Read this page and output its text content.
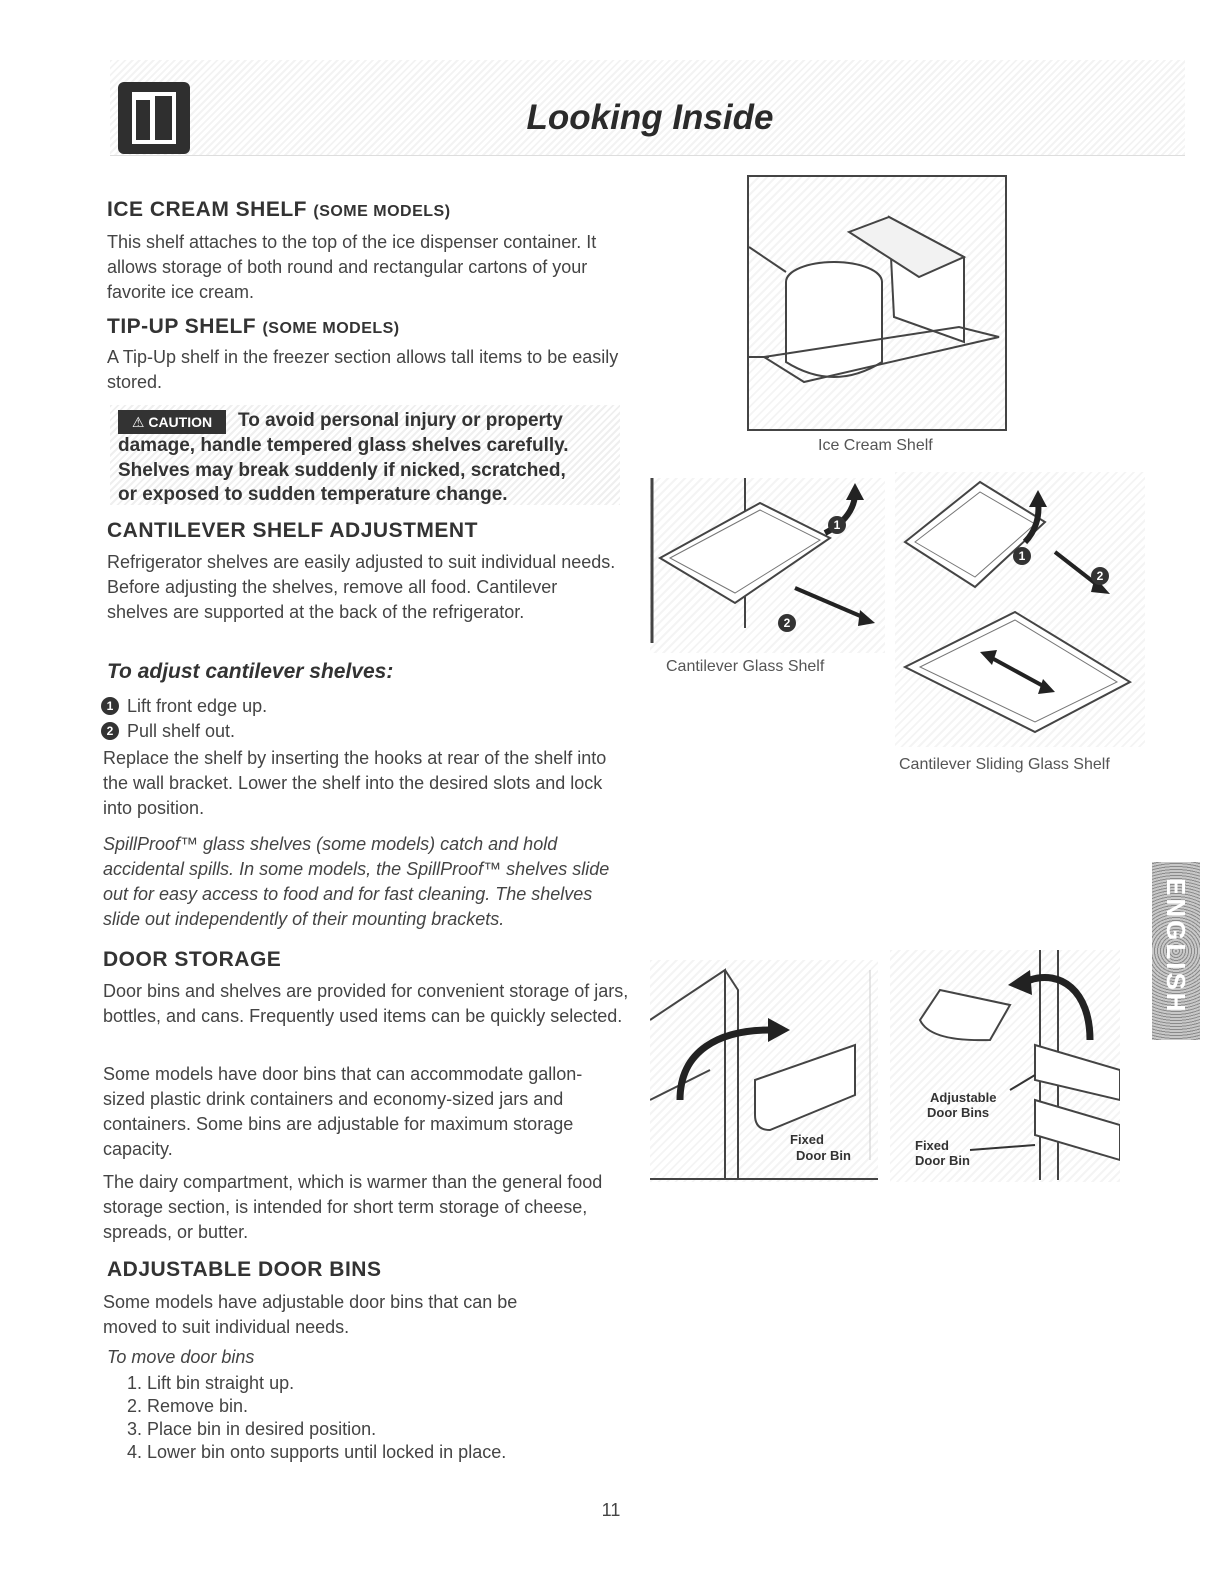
Looking Inside
ICE CREAM SHELF (SOME MODELS)
This shelf attaches to the top of the ice dispenser container. It allows storage of both round and rectangular cartons of your favorite ice cream.
TIP-UP SHELF (SOME MODELS)
A Tip-Up shelf in the freezer section allows tall items to be easily stored.
⚠ CAUTION	To avoid personal injury or property
damage, handle tempered glass shelves carefully.
Shelves may break suddenly if nicked, scratched,
or exposed to sudden temperature change.
CANTILEVER SHELF ADJUSTMENT
Refrigerator shelves are easily adjusted to suit individual needs. Before adjusting the shelves, remove all food. Cantilever shelves are supported at the back of the refrigerator.
To adjust cantilever shelves:
1 Lift front edge up.
2 Pull shelf out.
Replace the shelf by inserting the hooks at rear of the shelf into the wall bracket. Lower the shelf into the desired slots and lock into position.
SpillProof™ glass shelves (some models) catch and hold accidental spills. In some models, the SpillProof™ shelves slide out for easy access to food and for fast cleaning. The shelves slide out independently of their mounting brackets.
DOOR STORAGE
Door bins and shelves are provided for convenient storage of jars, bottles, and cans. Frequently used items can be quickly selected.
Some models have door bins that can accommodate gallon-sized plastic drink containers and economy-sized jars and containers. Some bins are adjustable for maximum storage capacity.
The dairy compartment, which is warmer than the general food storage section, is intended for short term storage of cheese, spreads, or butter.
ADJUSTABLE DOOR BINS
Some models have adjustable door bins that can be moved to suit individual needs.
To move door bins
1. Lift bin straight up.
2. Remove bin.
3. Place bin in desired position.
4. Lower bin onto supports until locked in place.
Ice Cream Shelf
1
2
Cantilever Glass Shelf
1
2
Cantilever Sliding Glass Shelf
ENGLISH
Fixed
Door Bin
Adjustable
Door Bins
Fixed
Door Bin
11
